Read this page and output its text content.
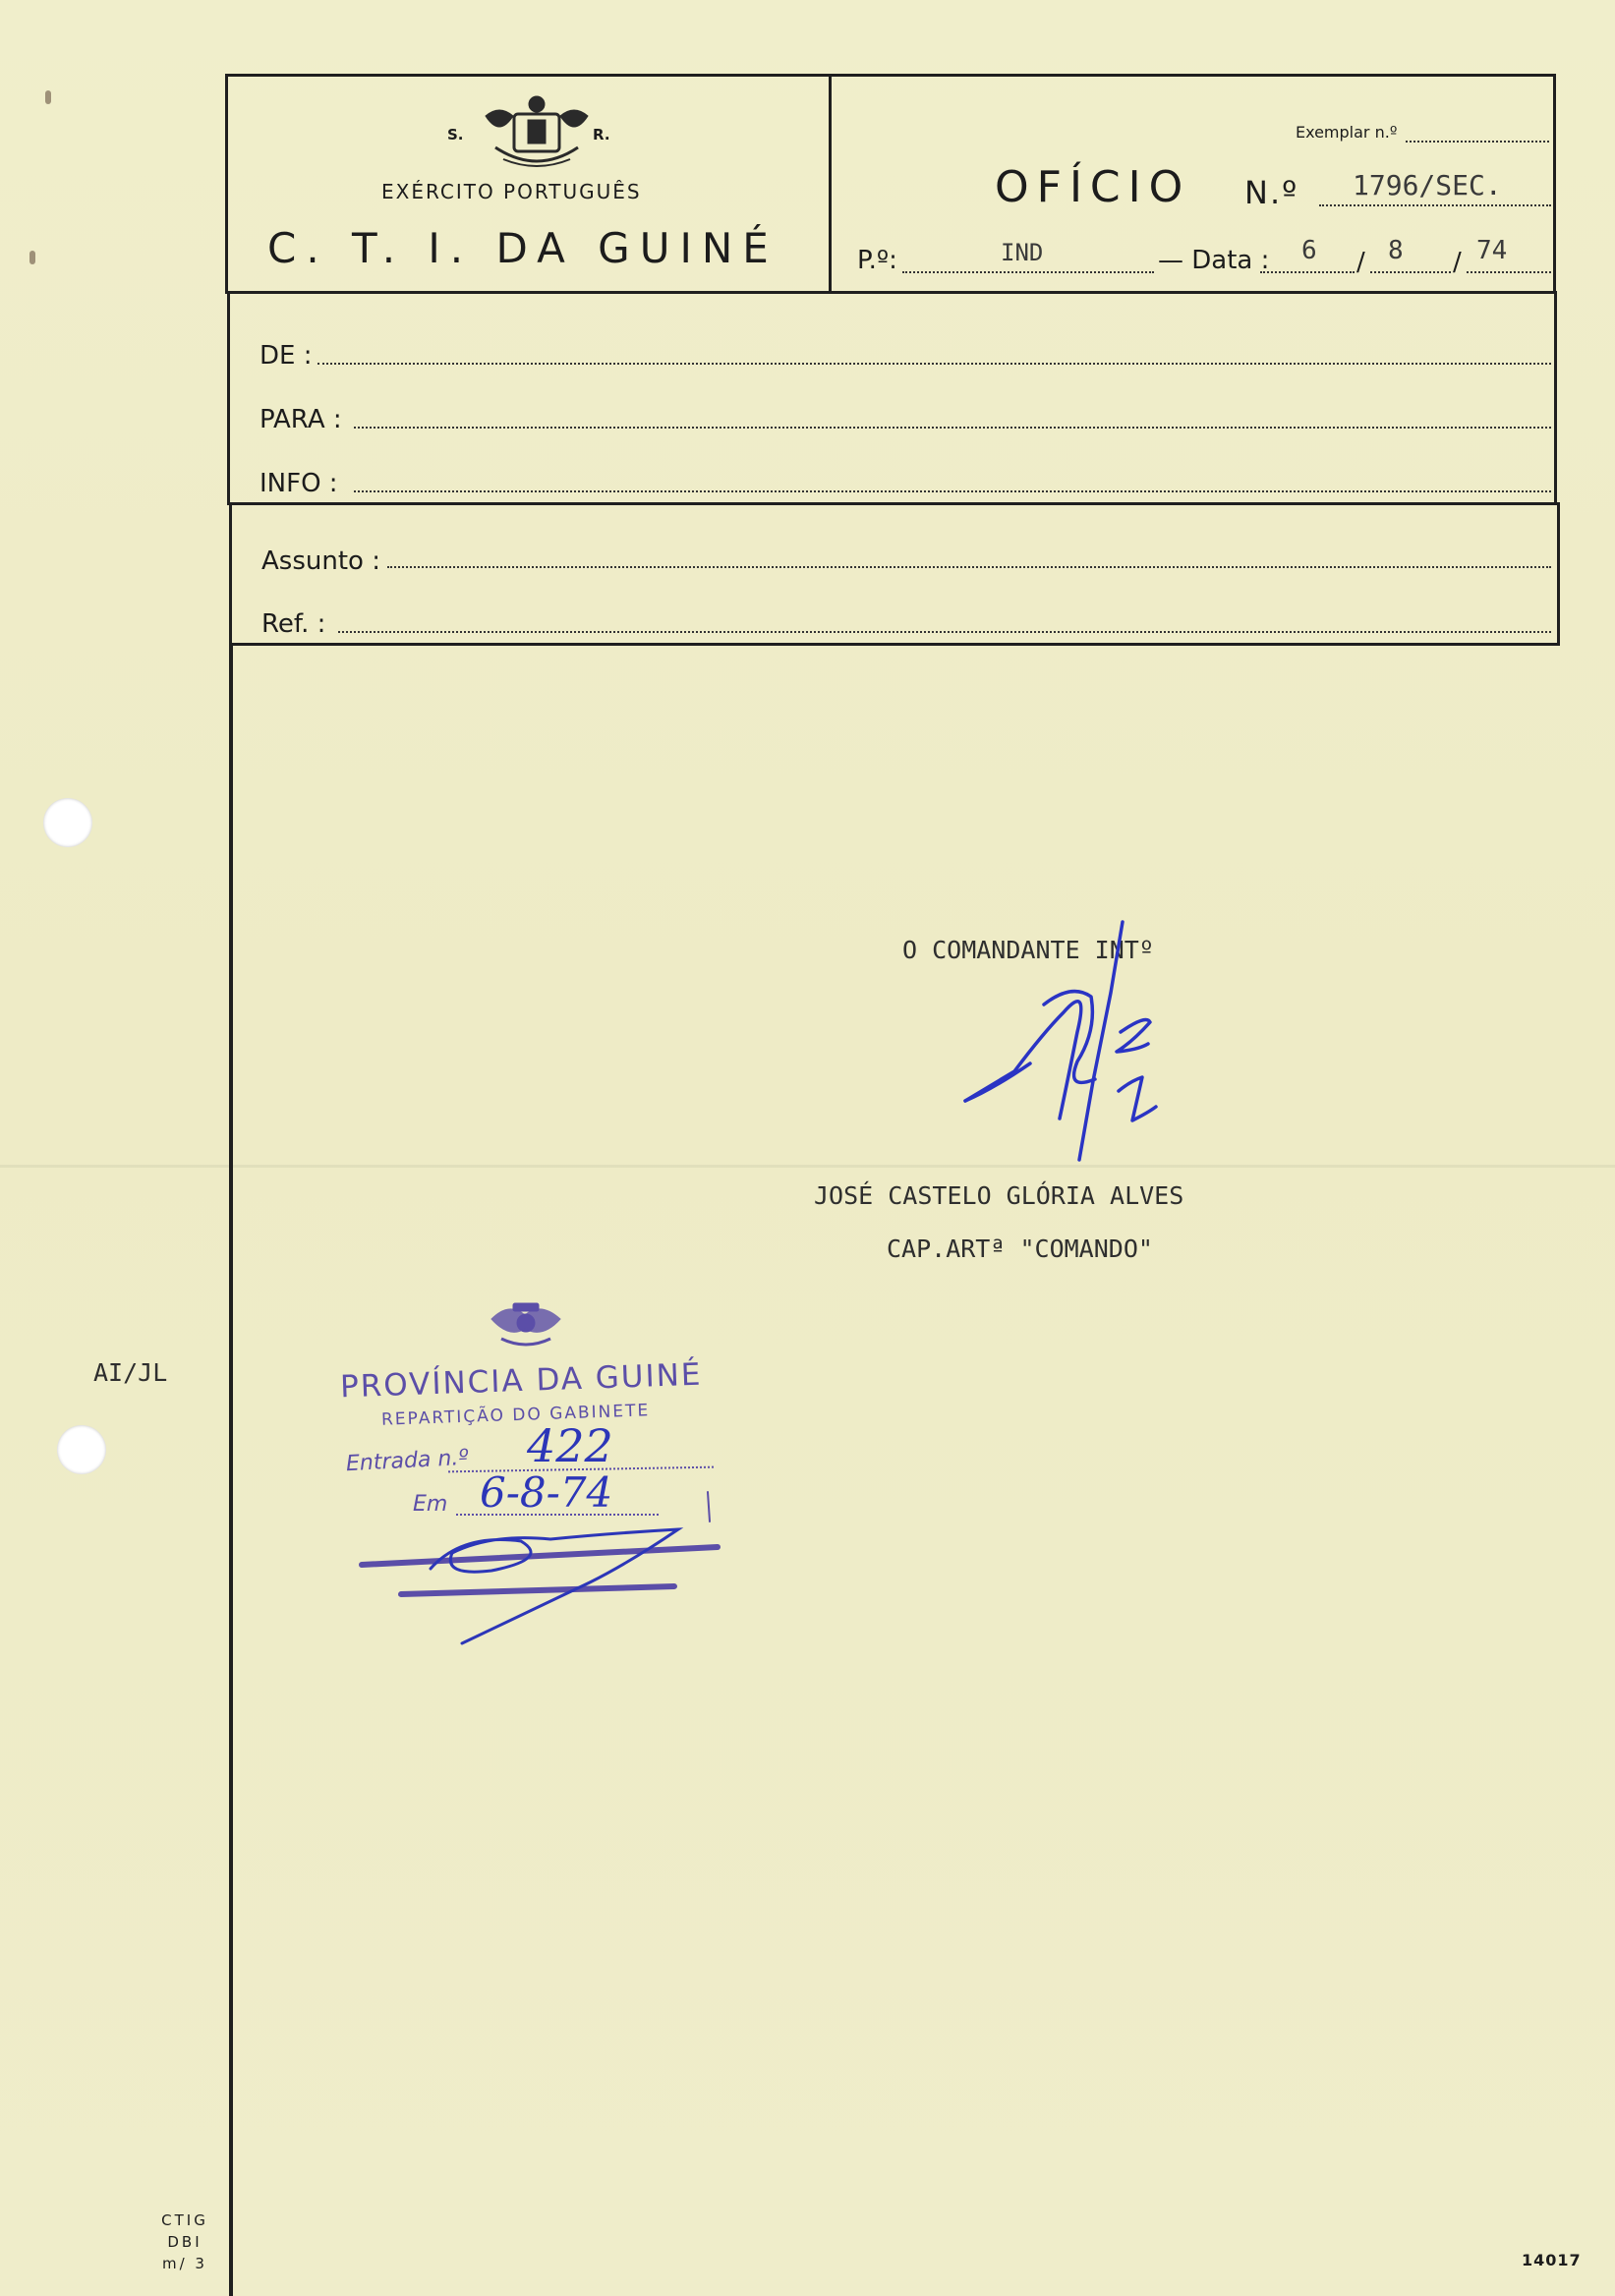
S.	R.
EXÉRCITO PORTUGUÊS
C. T. I. DA GUINÉ
Exemplar n.º
OFÍCIO N.º 1796/SEC.
P.º:	IND	— Data : 6 / 8 / 74
DE :
PARA :
INFO :
Assunto :
Ref. :
O COMANDANTE INTº
JOSÉ CASTELO GLÓRIA ALVES
CAP.ARTª "COMANDO"
AI/JL	PROVÍNCIA DA GUINÉ
REPARTIÇÃO DO GABINETE
Entrada n.º 422
Em 6-8-74
CTIG
DBI
m/ 3	14017
